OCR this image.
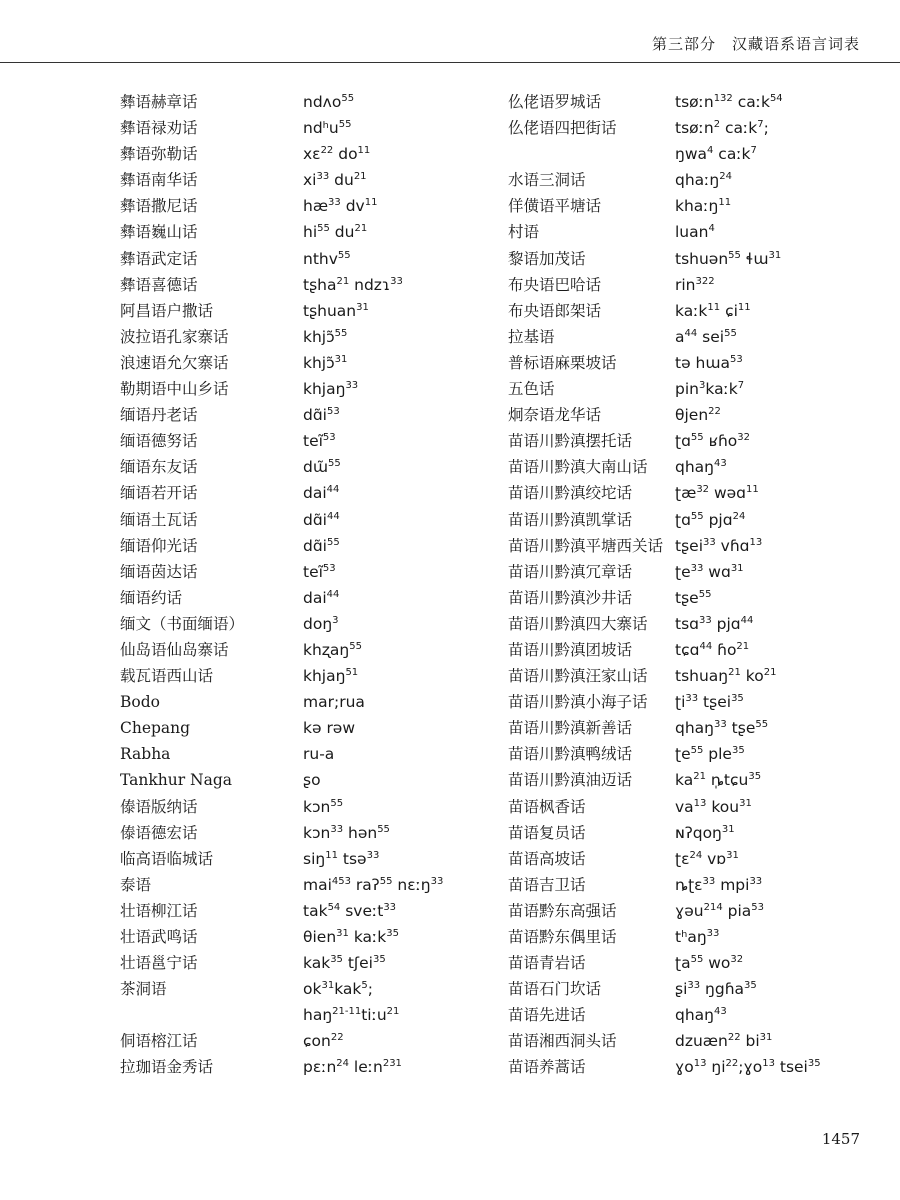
第三部分　汉藏语系语言词表
彝语赫章话	ndʌo$^{55}$
彝语禄劝话	ndʰu$^{55}$
彝语弥勒话	xɛ$^{22}$ $do^{11}$
彝语南华话	$xi^{33}$ $du^{21}$
彝语撒尼话	$hæ^{33}$ $dv^{11}$
彝语巍山话	$hi^{55}$ $du^{21}$
彝语武定话	nthv$^{55}$
彝语喜德话	tʂha$^{21}$ ndzɿ$^{33}$
阿昌语户撒话	tʂhuan$^{31}$
波拉语孔家寨话	khjɔ̃$^{55}$
浪速语允欠寨话	khjɔ̃$^{31}$
勒期语中山乡话	khjaŋ$^{33}$
缅语丹老话	$dɑ̃i^{53}$
缅语德努话	teĩ$^{53}$
缅语东友话	dɯ̃$^{55}$
缅语若开话	dai$^{44}$
缅语土瓦话	$dɑ̃i^{44}$
缅语仰光话	$dɑ̃i^{55}$
缅语茵达话	teĩ$^{53}$
缅语约话	dai$^{44}$
缅文（书面缅语）	doŋ$^3$
仙岛语仙岛寨话	khʐaŋ$^{55}$
载瓦语西山话	khjaŋ$^{51}$
Bodo	mar;rua
Chepang	kə rəw
Rabha	ru-a
Tankhur Naga	ʂo
傣语版纳话	kɔn$^{55}$
傣语德宏话	kɔn$^{33}$ hən$^{55}$
临高语临城话	siŋ$^{11}$ tsə$^{33}$
泰语	mai$^{453}$ raʔ$^{55}$ nɛːŋ$^{33}$
壮语柳江话	tak$^{54}$ sveːt$^{33}$
壮语武鸣话	θien$^{31}$ kaːk$^{35}$
壮语邕宁话	kak$^{35}$ tʃei$^{35}$
茶洞语	$ok^{31}kak^5$;
haŋ$^{21-11}$tiːu$^{21}$
侗语榕江话	ɕon$^{22}$
拉珈语金秀话	pɛːn$^{24}$ leːn$^{231}$
仫佬语罗城话	tsøːn$^{132}$ caːk$^{54}$
仫佬语四把街话	tsøːn$^2$ caːk$^7$;
ŋwa$^4$ caːk$^7$
水语三洞话	qhaːŋ$^{24}$
佯僙语平塘话	khaːŋ$^{11}$
村语	luan$^4$
黎语加茂话	tshuən$^{55}$ ɬɯ$^{31}$
布央语巴哈话	rin$^{322}$
布央语郎架话	kaːk$^{11}$ ɕi$^{11}$
拉基语	$a^{44}$ sei$^{55}$
普标语麻栗坡话	tə hɯa$^{53}$
五色话	pin$^3$kaːk$^7$
炯奈语龙华话	θjen$^{22}$
苗语川黔滇摆托话	ʈɑ$^{55}$ ʁɦo$^{32}$
苗语川黔滇大南山话 qhaŋ$^{43}$
苗语川黔滇绞坨话	ʈæ$^{32}$ wəɑ$^{11}$
苗语川黔滇凯掌话	ʈɑ$^{55}$ pjɑ$^{24}$
苗语川黔滇平塘西关话 tʂei$^{33}$ vɦɑ$^{13}$
苗语川黔滇冗章话	ʈe$^{33}$ wɑ$^{31}$
苗语川黔滇沙井话	tʂe$^{55}$
苗语川黔滇四大寨话 tsɑ$^{33}$ pjɑ$^{44}$
苗语川黔滇团坡话	tɕɑ$^{44}$ ɦo$^{21}$
苗语川黔滇汪家山话 tshuaŋ$^{21}$ $ko^{21}$
苗语川黔滇小海子话 ʈi$^{33}$ tʂei$^{35}$
苗语川黔滇新善话	qhaŋ$^{33}$ tʂe$^{55}$
苗语川黔滇鸭绒话	ʈe$^{55}$ ple$^{35}$
苗语川黔滇油迈话	$ka^{21}$ ȵ̩tɕu$^{35}$
苗语枫香话	$va^{13}$ kou$^{31}$
苗语复员话	ɴʔqoŋ$^{31}$
苗语高坡话	ʈɛ$^{24}$ vɒ$^{31}$
苗语吉卫话	ȵʈɛ$^{33}$ mpi$^{33}$
苗语黔东高强话	ɣəu$^{214}$ pia$^{53}$
苗语黔东偶里话	tʰaŋ$^{33}$
苗语青岩话	ʈa$^{55}$ $wo^{32}$
苗语石门坎话	ʂi$^{33}$ ŋgɦa$^{35}$
苗语先进话	qhaŋ$^{43}$
苗语湘西洞头话	dzuæn$^{22}$ $bi^{31}$
苗语养蒿话	ɣo$^{13}$ $ŋi^{22};ɣo^{13}$ tsei$^{35}$
1457
